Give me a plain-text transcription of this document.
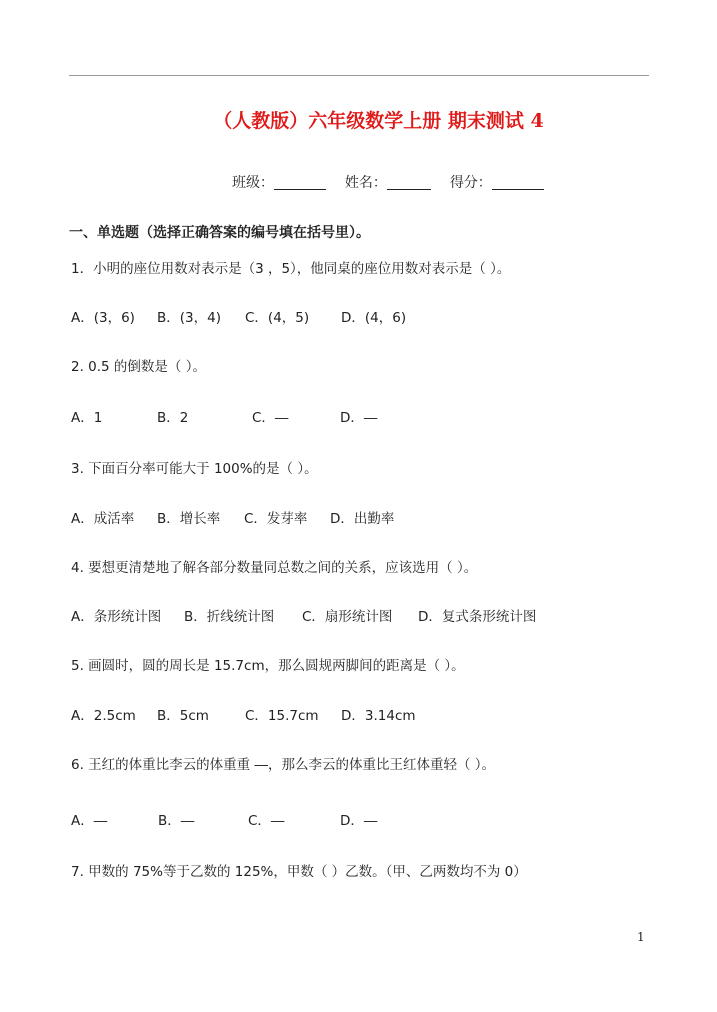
（人教版）六年级数学上册 期末测试 4
班级：	姓名：	得分：
一、单选题（选择正确答案的编号填在括号里）。
1．小明的座位用数对表示是（3 ，5），他同桌的座位用数对表示是（ ）。
A．(3，6) B．(3，4) C．(4，5) D．(4，6)
2. 0.5 的倒数是（ ）。
A．1	B．2	C．―	D．―
3. 下面百分率可能大于 100%的是（ ）。
A．成活率 B．增长率 C．发芽率 D．出勤率
4. 要想更清楚地了解各部分数量同总数之间的关系，应该选用（ ）。
A．条形统计图 B．折线统计图 C．扇形统计图 D．复式条形统计图
5. 画圆时，圆的周长是 15.7cm，那么圆规两脚间的距离是（ ）。
A．2.5cm B．5cm	C．15.7cm D．3.14cm
6. 王红的体重比李云的体重重 ―，那么李云的体重比王红体重轻（ ）。
A．―	B．―	C．―	D．―
7. 甲数的 75%等于乙数的 125%，甲数（ ）乙数。（甲、乙两数均不为 0）
1
